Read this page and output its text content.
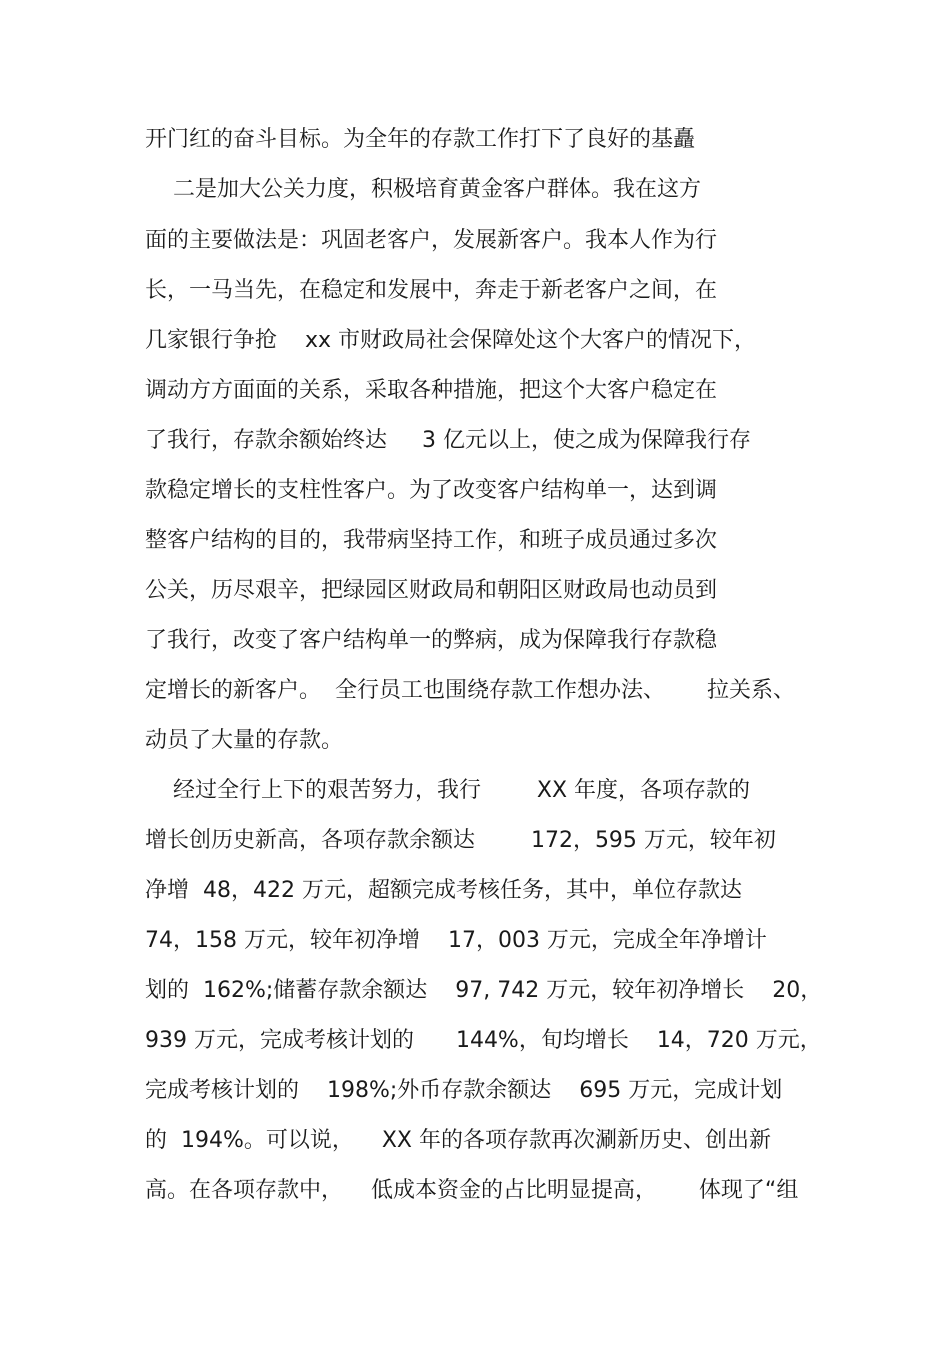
开门红的奋斗目标。为全年的存款工作打下了良好的基矗
二是加大公关力度，积极培育黄金客户群体。我在这方
面的主要做法是：巩固老客户，发展新客户。我本人作为行
长，一马当先，在稳定和发展中，奔走于新老客户之间，在
几家银行争抢    xx 市财政局社会保障处这个大客户的情况下，
调动方方面面的关系，采取各种措施，把这个大客户稳定在
了我行，存款余额始终达     3 亿元以上，使之成为保障我行存
款稳定增长的支柱性客户。为了改变客户结构单一，达到调
整客户结构的目的，我带病坚持工作，和班子成员通过多次
公关，历尽艰辛，把绿园区财政局和朝阳区财政局也动员到
了我行，改变了客户结构单一的弊病，成为保障我行存款稳
定增长的新客户。  全行员工也围绕存款工作想办法、      拉关系、
动员了大量的存款。
经过全行上下的艰苦努力，我行        XX 年度，各项存款的
增长创历史新高，各项存款余额达        172，595 万元，较年初
净增  48，422 万元，超额完成考核任务，其中，单位存款达
74，158 万元，较年初净增    17，003 万元，完成全年净增计
划的  162%;储蓄存款余额达    97, 742 万元，较年初净增长    20，
939 万元，完成考核计划的      144%，旬均增长    14，720 万元，
完成考核计划的    198%;外币存款余额达    695 万元，完成计划
的  194%。可以说，    XX 年的各项存款再次涮新历史、创出新
高。在各项存款中，    低成本资金的占比明显提高，      体现了“组
